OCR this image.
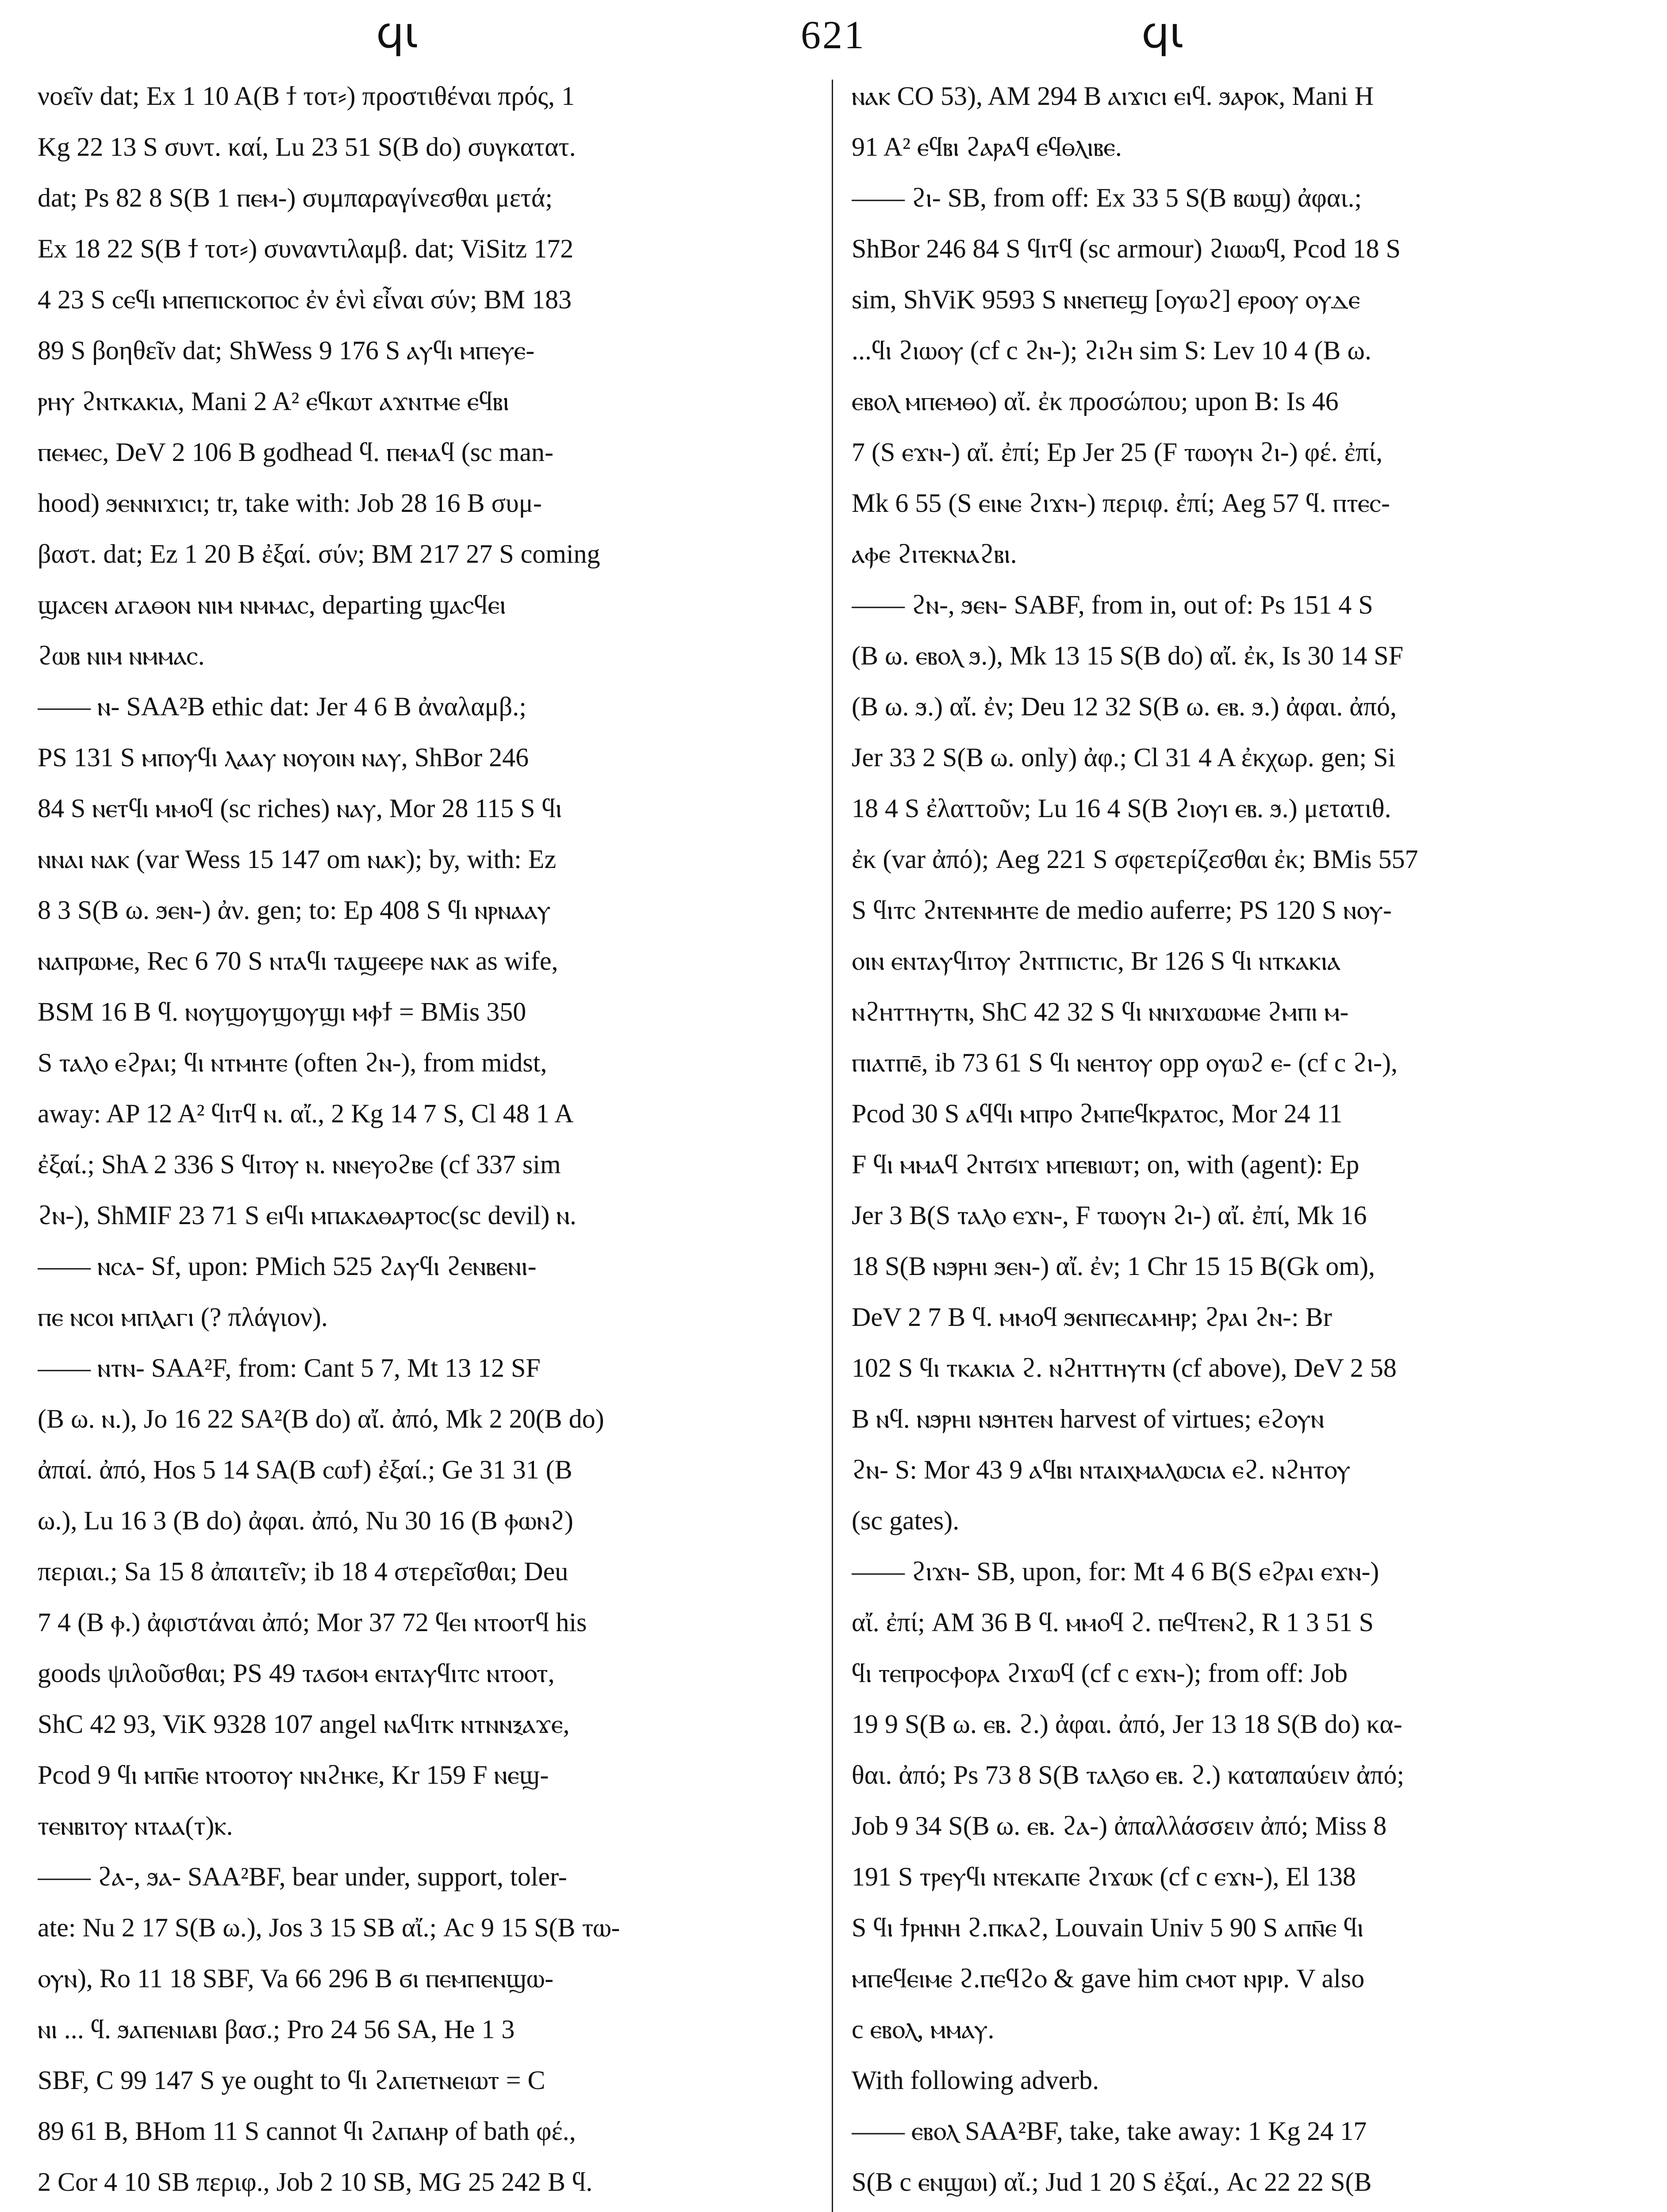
ϥι	621	ϥι
νοεῖν dat; Ex 1 10 A(B ϯ τοτ⸗) προστιθέναι πρός, 1
Kg 22 13 S συντ. καί, Lu 23 51 S(B do) συγκατατ.
dat; Ps 82 8 S(B 1 ⲡⲉⲙ-) συμπαραγίνεσθαι μετά;
Ex 18 22 S(B ϯ τοτ⸗) συναντιλαμβ. dat; ViSitz 172
4 23 S ⲥⲉϥⲓ ⲙⲡⲉⲡⲓⲥⲕⲟⲡⲟⲥ ἐν ἑνὶ εἶναι σύν; BM 183
89 S βοηθεῖν dat; ShWess 9 176 S ⲁⲩϥⲓ ⲙⲡⲉⲩⲉ-
ⲣⲏⲩ ϩⲛⲧⲕⲁⲕⲓⲁ, Mani 2 A² ⲉϥⲕⲱⲧ ⲁϫⲛⲧⲙⲉ ⲉϥⲃⲓ
ⲡⲉⲙⲉⲥ, DeV 2 106 B godhead ϥ. ⲡⲉⲙⲁϥ (sc man-
hood) ϧⲉⲛⲛⲓϫⲓⲥⲓ; tr, take with: Job 28 16 B συμ-
βαστ. dat; Ez 1 20 B ἐξαί. σύν; BM 217 27 S coming
ϣⲁⲥⲉⲛ ⲁⲅⲁⲑⲟⲛ ⲛⲓⲙ ⲛⲙⲙⲁⲥ, departing ϣⲁⲥϥⲉⲓ
ϩⲱⲃ ⲛⲓⲙ ⲛⲙⲙⲁⲥ.
—— ⲛ- SAA²B ethic dat: Jer 4 6 B ἀναλαμβ.;
PS 131 S ⲙⲡⲟⲩϥⲓ ⲗⲁⲁⲩ ⲛⲟⲩⲟⲓⲛ ⲛⲁⲩ, ShBor 246
84 S ⲛⲉⲧϥⲓ ⲙⲙⲟϥ (sc riches) ⲛⲁⲩ, Mor 28 115 S ϥⲓ
ⲛⲛⲁⲓ ⲛⲁⲕ (var Wess 15 147 om ⲛⲁⲕ); by, with: Ez
8 3 S(B ω. ϧⲉⲛ-) ἀν. gen; to: Ep 408 S ϥⲓ ⲛⲣⲛⲁⲁⲩ
ⲛⲁⲡⲣⲱⲙⲉ, Rec 6 70 S ⲛⲧⲁϥⲓ ⲧⲁϣⲉⲉⲣⲉ ⲛⲁⲕ as wife,
BSM 16 B ϥ. ⲛⲟⲩϣⲟⲩϣⲟⲩϣⲓ ⲙⲫϯ = BMis 350
S ⲧⲁⲗⲟ ⲉϩⲣⲁⲓ; ϥⲓ ⲛⲧⲙⲏⲧⲉ (often ϩⲛ-), from midst,
away: AP 12 A² ϥⲓⲧϥ ⲛ. αἴ., 2 Kg 14 7 S, Cl 48 1 A
ἐξαί.; ShA 2 336 S ϥⲓⲧⲟⲩ ⲛ. ⲛⲛⲉⲩⲟϩⲃⲉ (cf 337 sim
ϩⲛ-), ShMIF 23 71 S ⲉⲓϥⲓ ⲙⲡⲁⲕⲁⲑⲁⲣⲧⲟⲥ(sc devil) ⲛ.
—— ⲛⲥⲁ- Sf, upon: PMich 525 ϩⲁⲩϥⲓ ϩⲉⲛⲃⲉⲛⲓ-
ⲡⲉ ⲛⲥⲟⲓ ⲙⲡⲗⲁⲅⲓ (? πλάγιον).
—— ⲛⲧⲛ- SAA²F, from: Cant 5 7, Mt 13 12 SF
(B ω. ⲛ.), Jo 16 22 SA²(B do) αἴ. ἀπό, Mk 2 20(B do)
ἀπαί. ἀπό, Hos 5 14 SA(B ⲥⲱϯ) ἐξαί.; Ge 31 31 (B
ω.), Lu 16 3 (B do) ἀφαι. ἀπό, Nu 30 16 (B ⲫⲱⲛϩ)
περιαι.; Sa 15 8 ἀπαιτεῖν; ib 18 4 στερεῖσθαι; Deu
7 4 (B ⲫ.) ἀφιστάναι ἀπό; Mor 37 72 ϥⲉⲓ ⲛⲧⲟⲟⲧϥ his
goods ψιλοῦσθαι; PS 49 ⲧⲁϭⲟⲙ ⲉⲛⲧⲁⲩϥⲓⲧⲥ ⲛⲧⲟⲟⲧ,
ShC 42 93, ViK 9328 107 angel ⲛⲁϥⲓⲧⲕ ⲛⲧⲛⲛⲝⲁϫⲉ,
Pcod 9 ϥⲓ ⲙⲡⲛ̄ⲉ ⲛⲧⲟⲟⲧⲟⲩ ⲛⲛϩⲏⲕⲉ, Kr 159 F ⲛⲉϣ-
ⲧⲉⲛⲃⲓⲧⲟⲩ ⲛⲧⲁⲁ(ⲧ)ⲕ.
—— ϩⲁ-, ϧⲁ- SAA²BF, bear under, support, toler-
ate: Nu 2 17 S(B ω.), Jos 3 15 SB αἴ.; Ac 9 15 S(B ⲧⲱ-
ⲟⲩⲛ), Ro 11 18 SBF, Va 66 296 B ϭⲓ ⲡⲉⲙⲡⲉⲛϣⲱ-
ⲛⲓ ... ϥ. ϧⲁⲡⲉⲛⲓⲁⲃⲓ βασ.; Pro 24 56 SA, He 1 3
SBF, C 99 147 S ye ought to ϥⲓ ϩⲁⲡⲉⲧⲛⲉⲓⲱⲧ = C
89 61 B, BHom 11 S cannot ϥⲓ ϩⲁⲡⲁⲏⲣ of bath φέ.,
2 Cor 4 10 SB περιφ., Job 2 10 SB, MG 25 242 B ϥ.
ⲛⲁⲕ CO 53), AM 294 B ⲁⲓϫⲓⲥⲓ ⲉⲓϥ. ϧⲁⲣⲟⲕ, Mani H
91 A² ⲉϥⲃⲓ ϩⲁⲣⲁϥ ⲉϥⲑⲗⲓⲃⲉ.
—— ϩⲓ- SB, from off: Ex 33 5 S(B ⲃⲱϣ) ἀφαι.;
ShBor 246 84 S ϥⲓⲧϥ (sc armour) ϩⲓⲱⲱϥ, Pcod 18 S
sim, ShViK 9593 S ⲛⲛⲉⲡⲉϣ [ⲟⲩⲱϩ] ⲉⲣⲟⲟⲩ ⲟⲩⲇⲉ
...ϥⲓ ϩⲓⲱⲟⲩ (cf c ϩⲛ-); ϩⲓϩⲏ sim S: Lev 10 4 (B ω.
ⲉⲃⲟⲗ ⲙⲡⲉⲙⲑⲟ) αἴ. ἐκ προσώπου; upon B: Is 46
7 (S ⲉϫⲛ-) αἴ. ἐπί; Ep Jer 25 (F ⲧⲱⲟⲩⲛ ϩⲓ-) φέ. ἐπί,
Mk 6 55 (S ⲉⲓⲛⲉ ϩⲓϫⲛ-) περιφ. ἐπί; Aeg 57 ϥ. ⲡⲧⲉⲥ-
ⲁⲫⲉ ϩⲓⲧⲉⲕⲛⲁϩⲃⲓ.
—— ϩⲛ-, ϧⲉⲛ- SABF, from in, out of: Ps 151 4 S
(B ω. ⲉⲃⲟⲗ ϧ.), Mk 13 15 S(B do) αἴ. ἐκ, Is 30 14 SF
(B ω. ϧ.) αἴ. ἐν; Deu 12 32 S(B ω. ⲉⲃ. ϧ.) ἀφαι. ἀπό,
Jer 33 2 S(B ω. only) ἀφ.; Cl 31 4 A ἐκχωρ. gen; Si
18 4 S ἐλαττοῦν; Lu 16 4 S(B ϩⲓⲟⲩⲓ ⲉⲃ. ϧ.) μετατιθ.
ἐκ (var ἀπό); Aeg 221 S σφετερίζεσθαι ἐκ; BMis 557
S ϥⲓⲧⲥ ϩⲛⲧⲉⲛⲙⲏⲧⲉ de medio auferre; PS 120 S ⲛⲟⲩ-
ⲟⲓⲛ ⲉⲛⲧⲁⲩϥⲓⲧⲟⲩ ϩⲛⲧⲡⲓⲥⲧⲓⲥ, Br 126 S ϥⲓ ⲛⲧⲕⲁⲕⲓⲁ
ⲛϩⲏⲧⲧⲏⲩⲧⲛ, ShC 42 32 S ϥⲓ ⲛⲛⲓϫⲱⲱⲙⲉ ϩⲙⲡⲓ ⲙ-
ⲡⲓⲁⲧⲡⲉ̄, ib 73 61 S ϥⲓ ⲛⲉⲏⲧⲟⲩ opp ⲟⲩⲱϩ ⲉ- (cf c ϩⲓ-),
Pcod 30 S ⲁϥϥⲓ ⲙⲡⲣⲟ ϩⲙⲡⲉϥⲕⲣⲁⲧⲟⲥ, Mor 24 11
F ϥⲓ ⲙⲙⲁϥ ϩⲛⲧϭⲓϫ ⲙⲡⲉⲃⲓⲱⲧ; on, with (agent): Ep
Jer 3 B(S ⲧⲁⲗⲟ ⲉϫⲛ-, F ⲧⲱⲟⲩⲛ ϩⲓ-) αἴ. ἐπί, Mk 16
18 S(B ⲛϧⲣⲏⲓ ϧⲉⲛ-) αἴ. ἐν; 1 Chr 15 15 B(Gk om),
DeV 2 7 B ϥ. ⲙⲙⲟϥ ϧⲉⲛⲡⲉⲥⲁⲙⲏⲣ; ϩⲣⲁⲓ ϩⲛ-: Br
102 S ϥⲓ ⲧⲕⲁⲕⲓⲁ ϩ. ⲛϩⲏⲧⲧⲏⲩⲧⲛ (cf above), DeV 2 58
B ⲛϥ. ⲛϧⲣⲏⲓ ⲛϧⲏⲧⲉⲛ harvest of virtues; ⲉϩⲟⲩⲛ
ϩⲛ- S: Mor 43 9 ⲁϥⲃⲓ ⲛⲧⲁⲓⲭⲙⲁⲗⲱⲥⲓⲁ ⲉϩ. ⲛϩⲏⲧⲟⲩ
(sc gates).
—— ϩⲓϫⲛ- SB, upon, for: Mt 4 6 B(S ⲉϩⲣⲁⲓ ⲉϫⲛ-)
αἴ. ἐπί; AM 36 B ϥ. ⲙⲙⲟϥ ϩ. ⲡⲉϥⲧⲉⲛϩ, R 1 3 51 S
ϥⲓ ⲧⲉⲡⲣⲟⲥⲫⲟⲣⲁ ϩⲓϫⲱϥ (cf c ⲉϫⲛ-); from off: Job
19 9 S(B ω. ⲉⲃ. ϩ.) ἀφαι. ἀπό, Jer 13 18 S(B do) κα-
θαι. ἀπό; Ps 73 8 S(B ⲧⲁⲗϭⲟ ⲉⲃ. ϩ.) καταπαύειν ἀπό;
Job 9 34 S(B ω. ⲉⲃ. ϩⲁ-) ἀπαλλάσσειν ἀπό; Miss 8
191 S ⲧⲣⲉⲩϥⲓ ⲛⲧⲉⲕⲁⲡⲉ ϩⲓϫⲱⲕ (cf c ⲉϫⲛ-), El 138
S ϥⲓ ϯⲣⲏⲛⲏ ϩ.ⲡⲕⲁϩ, Louvain Univ 5 90 S ⲁⲡⲛ̄ⲉ ϥⲓ
ⲙⲡⲉϥⲉⲓⲙⲉ ϩ.ⲡⲉϥϩⲟ & gave him ⲥⲙⲟⲧ ⲛⲣⲓⲣ. V also
c ⲉⲃⲟⲗ, ⲙⲙⲁⲩ.
With following adverb.
—— ⲉⲃⲟⲗ SAA²BF, take, take away: 1 Kg 24 17
S(B c ⲉⲛϣⲱⲓ) αἴ.; Jud 1 20 S ἐξαί., Ac 22 22 S(B
